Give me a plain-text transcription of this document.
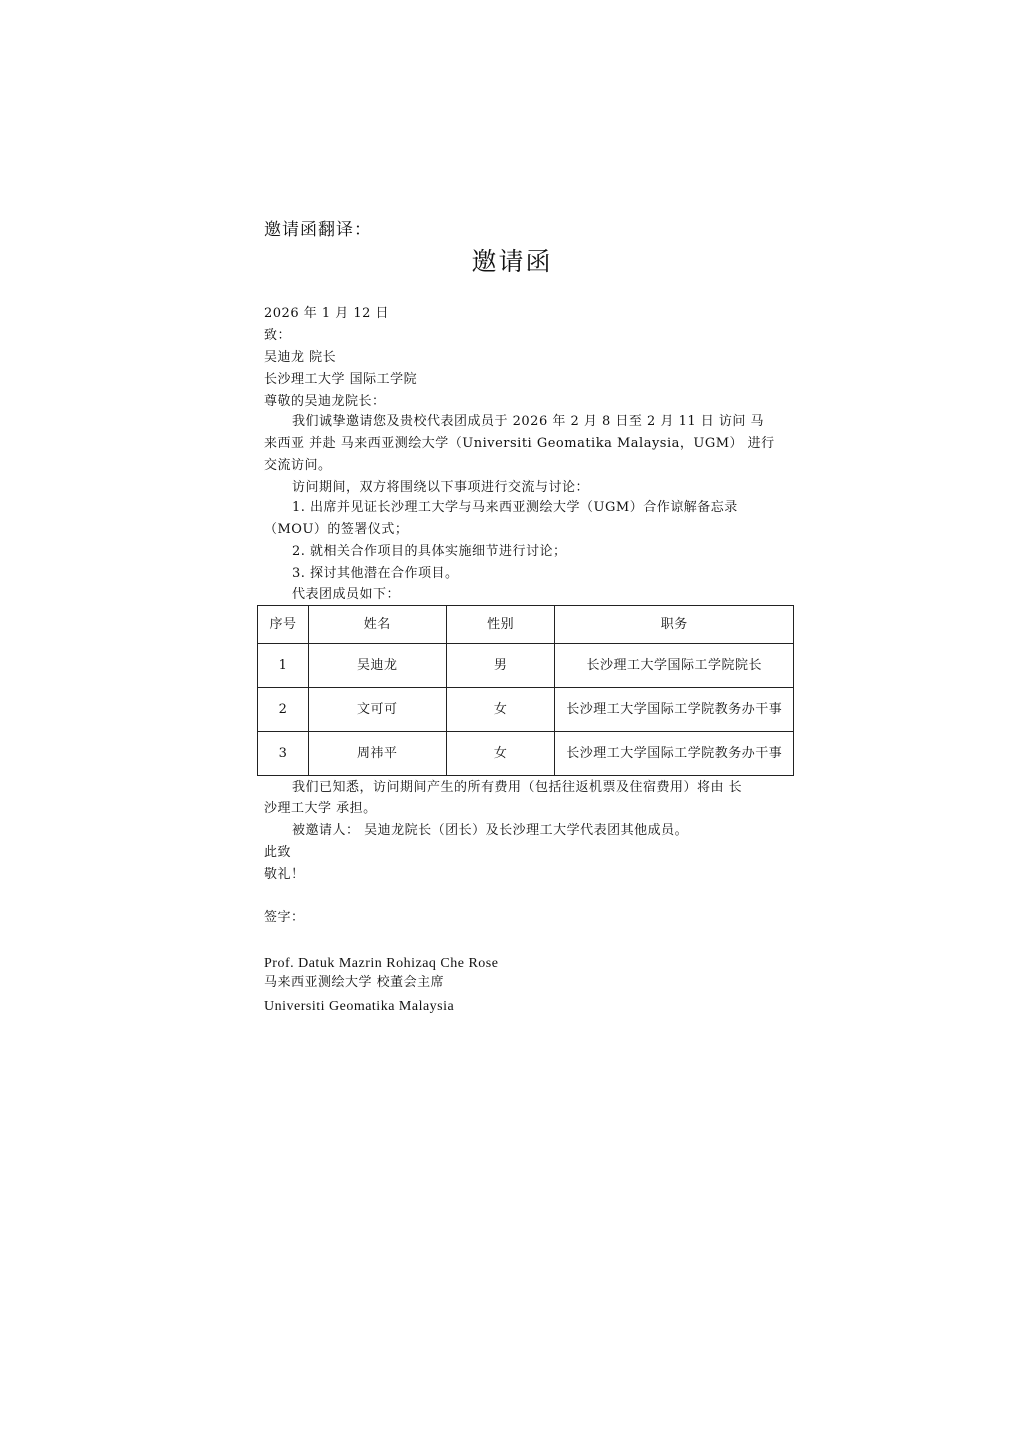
邀请函翻译：
邀请函
2026 年 1 月 12 日
致：
吴迪龙 院长
长沙理工大学 国际工学院
尊敬的吴迪龙院长：
我们诚挚邀请您及贵校代表团成员于 2026 年 2 月 8 日至 2 月 11 日 访问 马
来西亚 并赴 马来西亚测绘大学（Universiti Geomatika Malaysia，UGM） 进行
交流访问。
访问期间，双方将围绕以下事项进行交流与讨论：
1. 出席并见证长沙理工大学与马来西亚测绘大学（UGM）合作谅解备忘录
（MOU）的签署仪式；
2. 就相关合作项目的具体实施细节进行讨论；
3. 探讨其他潜在合作项目。
代表团成员如下：
序号	姓名	性别	职务
1	吴迪龙	男	长沙理工大学国际工学院院长
2	文可可	女	长沙理工大学国际工学院教务办干事
3	周祎平	女	长沙理工大学国际工学院教务办干事
我们已知悉，访问期间产生的所有费用（包括往返机票及住宿费用）将由 长
沙理工大学 承担。
被邀请人： 吴迪龙院长（团长）及长沙理工大学代表团其他成员。
此致
敬礼！
签字：
Prof. Datuk Mazrin Rohizaq Che Rose
马来西亚测绘大学 校董会主席
Universiti Geomatika Malaysia
